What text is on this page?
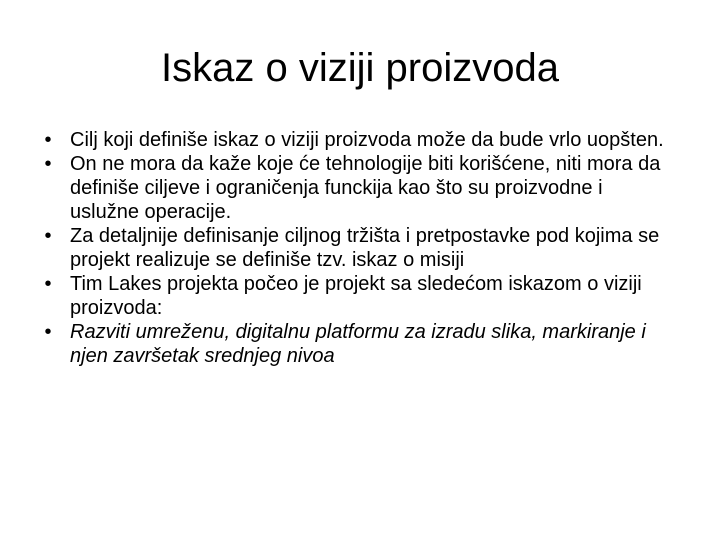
Iskaz o viziji proizvoda
• Cilj koji definiše iskaz o viziji proizvoda može da bude vrlo uopšten.
• On ne mora da kaže koje će tehnologije biti korišćene, niti mora da definiše ciljeve i ograničenja funckija kao što su proizvodne i uslužne operacije.
• Za detaljnije definisanje ciljnog tržišta i pretpostavke pod kojima se projekt realizuje se definiše tzv. iskaz o misiji
• Tim Lakes projekta počeo je projekt sa sledećom iskazom o viziji proizvoda:
• Razviti umreženu, digitalnu platformu za izradu slika, markiranje i njen završetak srednjeg nivoa
